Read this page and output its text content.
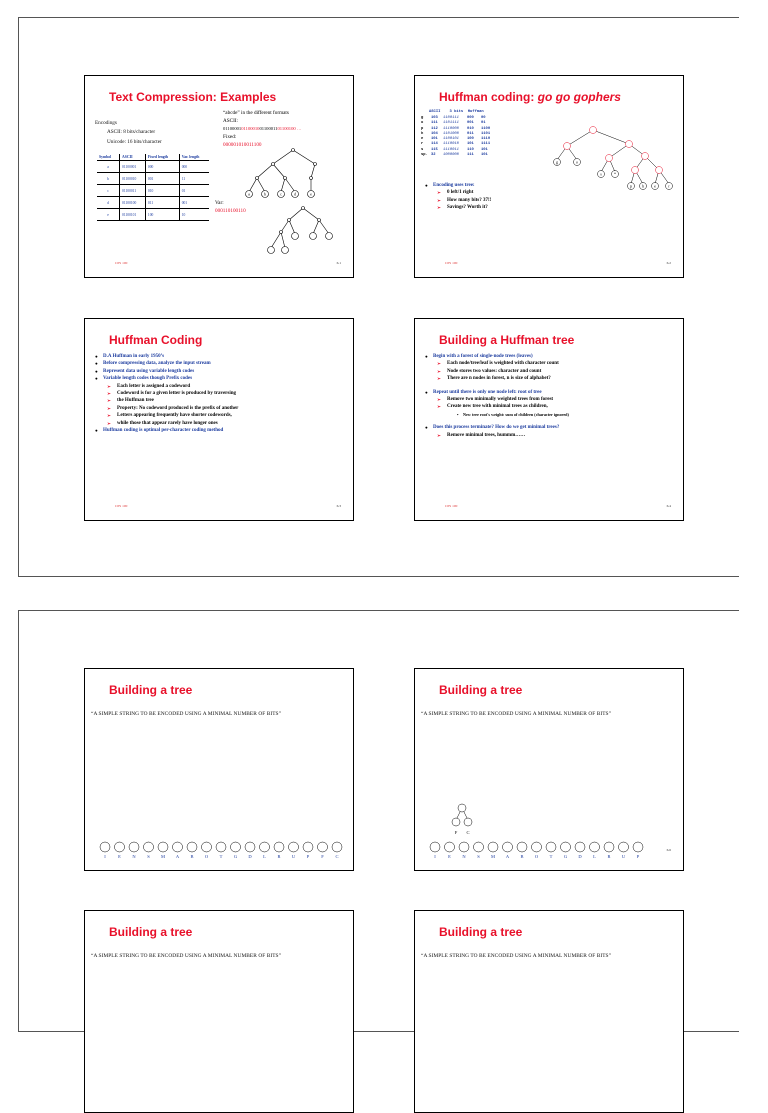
Text Compression: Examples
Encodings
ASCII: 8 bits/character
Unicode: 16 bits/character
“abcde” in the different formats
ASCII:
01100001011000100110001101100100 …
Fixed:
000001010011100
Var:
000110100110
Symbol	ASCII	Fixed length	Var. length
a	01100001	000	000
b	01100010	001	11
c	01100011	010	01
d	01100100	011	001
e	01100101	100	10
a	b	c	d	e
CPS 100	6.1
Huffman coding: go go gophers
ASCII    3 bits  Huffman
g 103 1100111 000 00
o 111 1101111 001 01
p 112 1110000 010 1100
h 104 1101000 011 1101
e 101 1100101 100 1110
r 114 1110010 101 1111
s 115 1110011 110 101
sp. 32 1000000 111 101
g	o
s	*
p	h	e	r
● Encoding uses tree:
➢ 0 left/1 right
➢ How many bits? 37!!
➢ Savings? Worth it?
CPS 100	6.2
Huffman Coding
● D.A Huffman in early 1950’s
● Before compressing data, analyze the input stream
● Represent data using variable length codes
● Variable length codes though Prefix codes
➢ Each letter is assigned a codeword
➢ Codeword is for a given letter is produced by traversing
➢ the Huffman tree
➢ Property: No codeword produced is the prefix of another
➢ Letters appearing frequently have shorter codewords,
➢ while those that appear rarely have longer ones
● Huffman coding is optimal per-character coding method
CPS 100	6.3
Building a Huffman tree
● Begin with a forest of single-node trees (leaves)
➢ Each node/tree/leaf is weighted with character count
➢ Node stores two values: character and count
➢ There are n nodes in forest, n is size of alphabet?
● Repeat until there is only one node left: root of tree
➢ Remove two minimally weighted trees from forest
➢ Create new tree with minimal trees as children,
• New tree root's weight: sum of children (character ignored)
● Does this process terminate? How do we get minimal trees?
➢ Remove minimal trees, hummm……
CPS 100	6.4
Building a tree
“A SIMPLE STRING TO BE ENCODED USING A MINIMAL NUMBER OF BITS”
I	E	N	S M A	B	O	T	G	D	L	R	U	P	F	C
Building a tree
“A SIMPLE STRING TO BE ENCODED USING A MINIMAL NUMBER OF BITS”
F C
I	E	N	S M A	B	O	T	G	D	L	R	U	P
6.6
Building a tree
“A SIMPLE STRING TO BE ENCODED USING A MINIMAL NUMBER OF BITS”
Building a tree
“A SIMPLE STRING TO BE ENCODED USING A MINIMAL NUMBER OF BITS”
